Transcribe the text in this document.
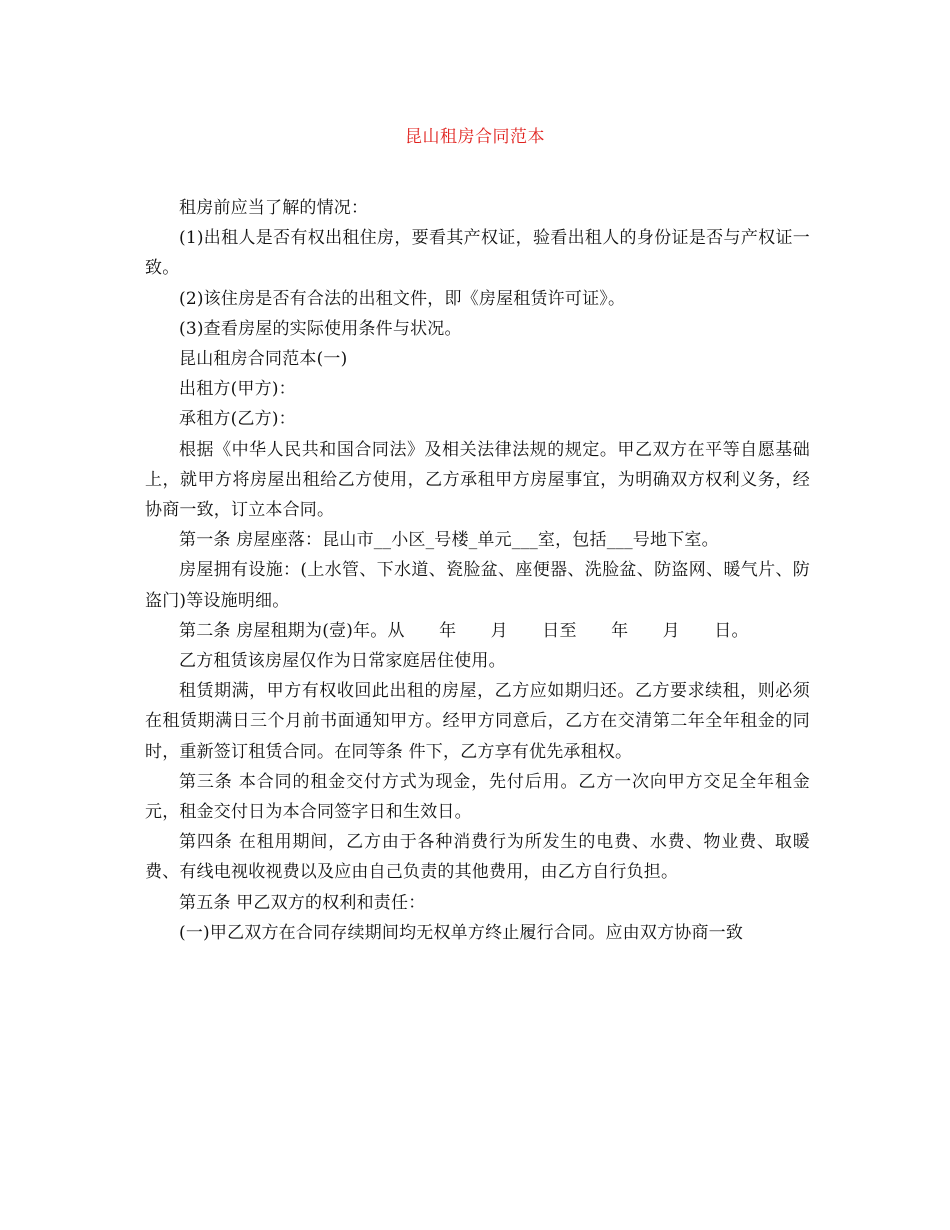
昆山租房合同范本

租房前应当了解的情况：

(1)出租人是否有权出租住房，要看其产权证，验看出租人的身份证是否与产权证一致。

(2)该住房是否有合法的出租文件，即《房屋租赁许可证》。

(3)查看房屋的实际使用条件与状况。

昆山租房合同范本(一)

出租方(甲方)：

承租方(乙方)：

根据《中华人民共和国合同法》及相关法律法规的规定。甲乙双方在平等自愿基础上，就甲方将房屋出租给乙方使用，乙方承租甲方房屋事宜，为明确双方权利义务，经协商一致，订立本合同。

第一条 房屋座落：昆山市__小区_号楼_单元___室，包括___号地下室。

房屋拥有设施：(上水管、下水道、瓷脸盆、座便器、洗脸盆、防盗网、暖气片、防盗门)等设施明细。

第二条 房屋租期为(壹)年。从　　年　　月　　日至　　年　　月　　日。

乙方租赁该房屋仅作为日常家庭居住使用。

租赁期满，甲方有权收回此出租的房屋，乙方应如期归还。乙方要求续租，则必须在租赁期满日三个月前书面通知甲方。经甲方同意后，乙方在交清第二年全年租金的同时，重新签订租赁合同。在同等条 件下，乙方享有优先承租权。

第三条 本合同的租金交付方式为现金，先付后用。乙方一次向甲方交足全年租金元，租金交付日为本合同签字日和生效日。

第四条 在租用期间，乙方由于各种消费行为所发生的电费、水费、物业费、取暖费、有线电视收视费以及应由自己负责的其他费用，由乙方自行负担。

第五条 甲乙双方的权利和责任：

(一)甲乙双方在合同存续期间均无权单方终止履行合同。应由双方协商一致
